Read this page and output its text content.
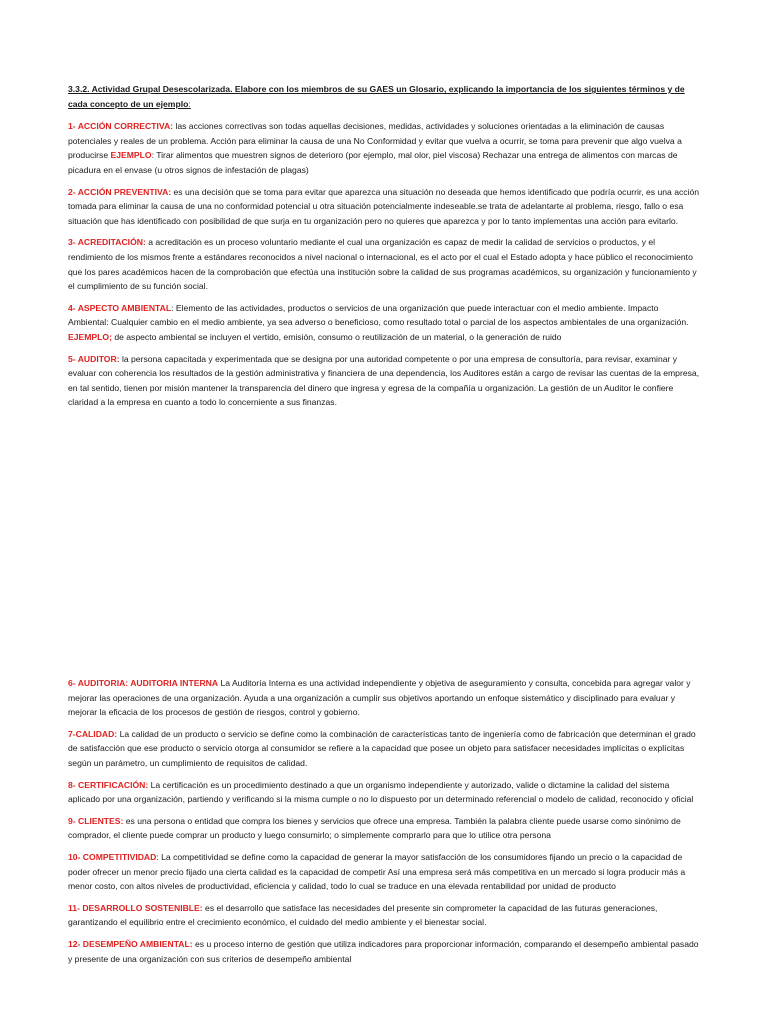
3.3.2. Actividad Grupal Desescolarizada. Elabore con los miembros de su GAES un Glosario, explicando la importancia de los siguientes términos y de cada concepto de un ejemplo:

1- ACCIÓN CORRECTIVA: las acciones correctivas son todas aquellas decisiones, medidas, actividades y soluciones orientadas a la eliminación de causas potenciales y reales de un problema. Acción para eliminar la causa de una No Conformidad y evitar que vuelva a ocurrir, se toma para prevenir que algo vuelva a producirse EJEMPLO: Tirar alimentos que muestren signos de deterioro (por ejemplo, mal olor, piel viscosa) Rechazar una entrega de alimentos con marcas de picadura en el envase (u otros signos de infestación de plagas)

2- ACCIÓN PREVENTIVA: es una decisión que se toma para evitar que aparezca una situación no deseada que hemos identificado que podría ocurrir, es una acción tomada para eliminar la causa de una no conformidad potencial u otra situación potencialmente indeseable.se trata de adelantarte al problema, riesgo, fallo o esa situación que has identificado con posibilidad de que surja en tu organización pero no quieres que aparezca y por lo tanto implementas una acción para evitarlo.

3- ACREDITACIÓN: a acreditación es un proceso voluntario mediante el cual una organización es capaz de medir la calidad de servicios o productos, y el rendimiento de los mismos frente a estándares reconocidos a nivel nacional o internacional, es el acto por el cual el Estado adopta y hace público el reconocimiento que los pares académicos hacen de la comprobación que efectúa una institución sobre la calidad de sus programas académicos, su organización y funcionamiento y el cumplimiento de su función social.

4- ASPECTO AMBIENTAL: Elemento de las actividades, productos o servicios de una organización que puede interactuar con el medio ambiente. Impacto Ambiental: Cualquier cambio en el medio ambiente, ya sea adverso o beneficioso, como resultado total o parcial de los aspectos ambientales de una organización. EJEMPLO; de aspecto ambiental se incluyen el vertido, emisión, consumo o reutilización de un material, o la generación de ruido

5- AUDITOR: la persona capacitada y experimentada que se designa por una autoridad competente o por una empresa de consultoría, para revisar, examinar y evaluar con coherencia los resultados de la gestión administrativa y financiera de una dependencia, los Auditores están a cargo de revisar las cuentas de la empresa, en tal sentido, tienen por misión mantener la transparencia del dinero que ingresa y egresa de la compañía u organización. La gestión de un Auditor le confiere claridad a la empresa en cuanto a todo lo concerniente a sus finanzas.

6- AUDITORIA: AUDITORIA INTERNA La Auditoría Interna es una actividad independiente y objetiva de aseguramiento y consulta, concebida para agregar valor y mejorar las operaciones de una organización. Ayuda a una organización a cumplir sus objetivos aportando un enfoque sistemático y disciplinado para evaluar y mejorar la eficacia de los procesos de gestión de riesgos, control y gobierno.

7-CALIDAD: La calidad de un producto o servicio se define como la combinación de características tanto de ingeniería como de fabricación que determinan el grado de satisfacción que ese producto o servicio otorga al consumidor se refiere a la capacidad que posee un objeto para satisfacer necesidades implícitas o explícitas según un parámetro, un cumplimiento de requisitos de calidad.

8- CERTIFICACIÓN: La certificación es un procedimiento destinado a que un organismo independiente y autorizado, valide o dictamine la calidad del sistema aplicado por una organización, partiendo y verificando si la misma cumple o no lo dispuesto por un determinado referencial o modelo de calidad, reconocido y oficial

9- CLIENTES: es una persona o entidad que compra los bienes y servicios que ofrece una empresa. También la palabra cliente puede usarse como sinónimo de comprador, el cliente puede comprar un producto y luego consumirlo; o simplemente comprarlo para que lo utilice otra persona

10- COMPETITIVIDAD: La competitividad se define como la capacidad de generar la mayor satisfacción de los consumidores fijando un precio o la capacidad de poder ofrecer un menor precio fijado una cierta calidad es la capacidad de competir Así una empresa será más competitiva en un mercado si logra producir más a menor costo, con altos niveles de productividad, eficiencia y calidad, todo lo cual se traduce en una elevada rentabilidad por unidad de producto

11- DESARROLLO SOSTENIBLE: es el desarrollo que satisface las necesidades del presente sin comprometer la capacidad de las futuras generaciones, garantizando el equilibrio entre el crecimiento económico, el cuidado del medio ambiente y el bienestar social.

12- DESEMPEÑO AMBIENTAL: es u proceso interno de gestión que utiliza indicadores para proporcionar información, comparando el desempeño ambiental pasado y presente de una organización con sus criterios de desempeño ambiental
